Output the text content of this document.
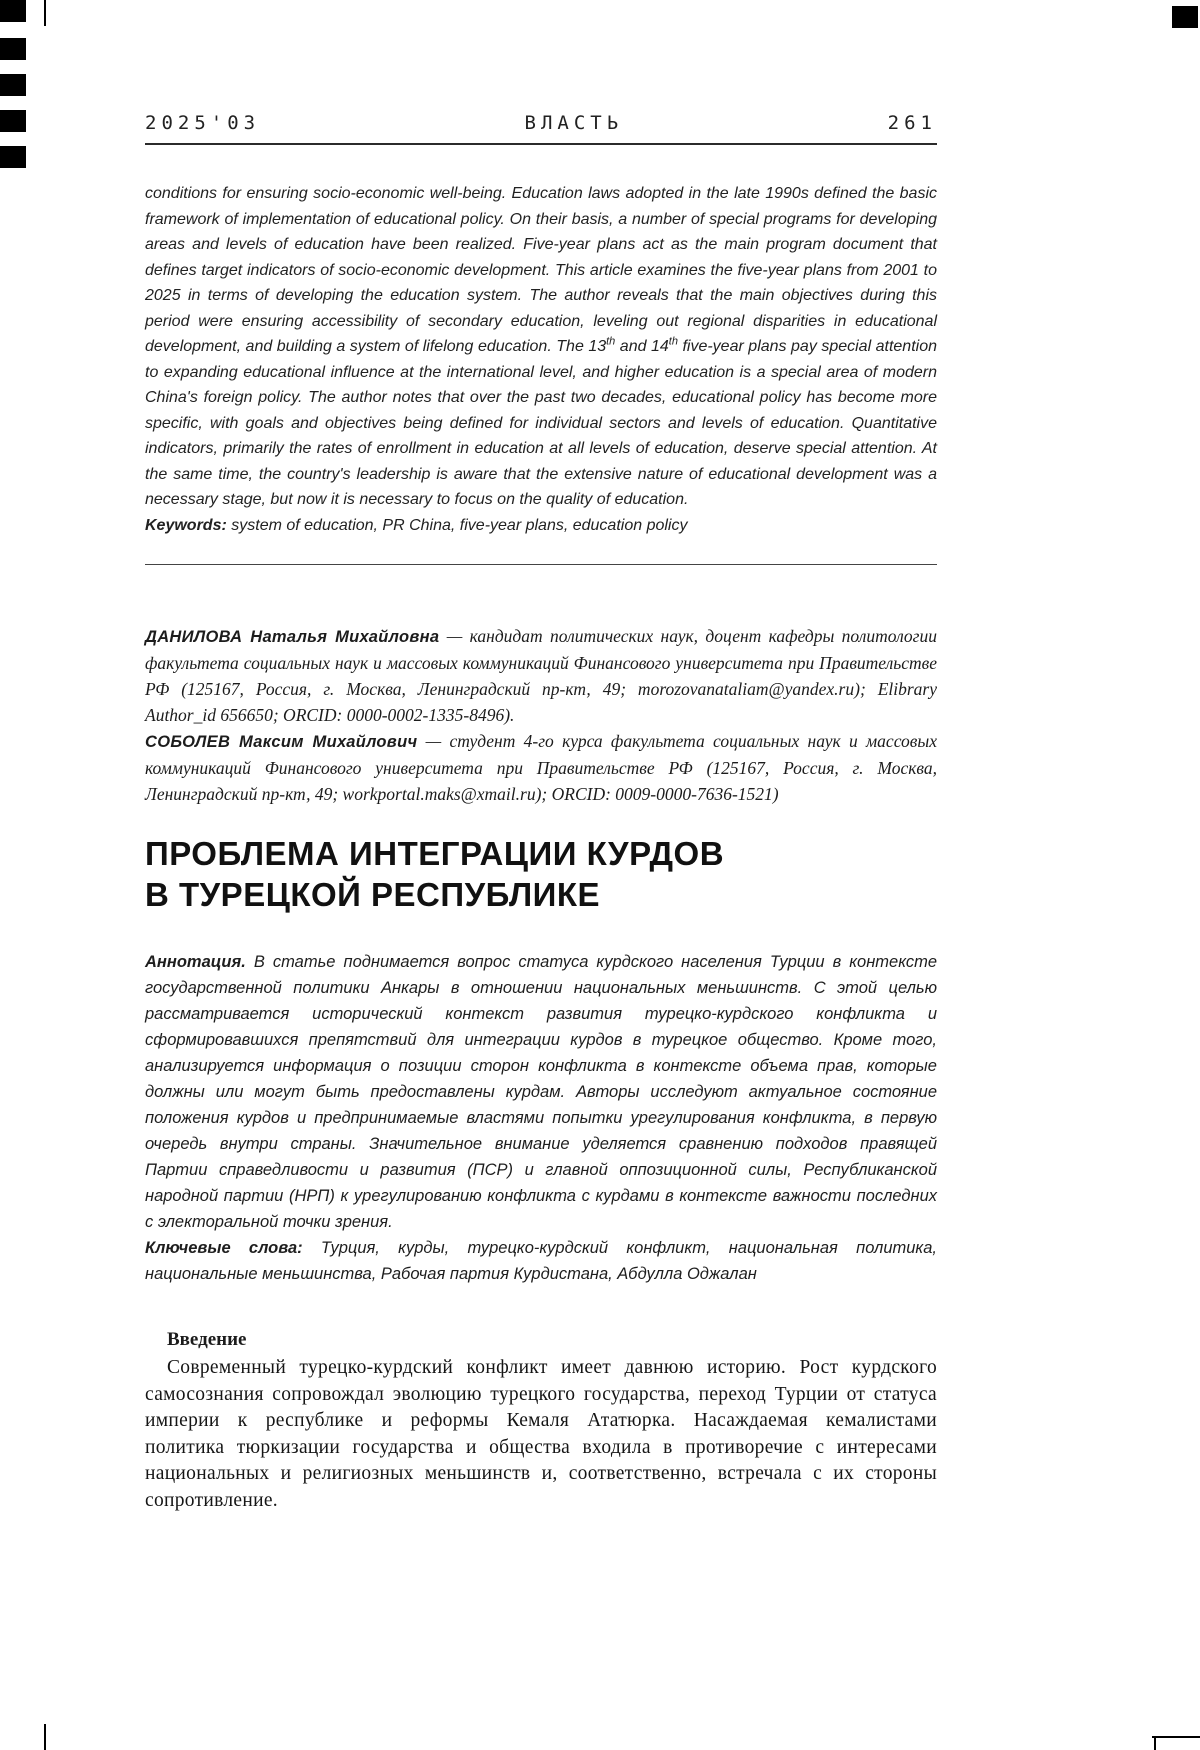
2025'03	ВЛАСТЬ	261
conditions for ensuring socio-economic well-being. Education laws adopted in the late 1990s defined the basic framework of implementation of educational policy. On their basis, a number of special programs for developing areas and levels of education have been realized. Five-year plans act as the main program document that defines target indicators of socio-economic development. This article examines the five-year plans from 2001 to 2025 in terms of developing the education system. The author reveals that the main objectives during this period were ensuring accessibility of secondary education, leveling out regional disparities in educational development, and building a system of lifelong education. The 13th and 14th five-year plans pay special attention to expanding educational influence at the international level, and higher education is a special area of modern China's foreign policy. The author notes that over the past two decades, educational policy has become more specific, with goals and objectives being defined for individual sectors and levels of education. Quantitative indicators, primarily the rates of enrollment in education at all levels of education, deserve special attention. At the same time, the country's leadership is aware that the extensive nature of educational development was a necessary stage, but now it is necessary to focus on the quality of education.
Keywords: system of education, PR China, five-year plans, education policy

ДАНИЛОВА Наталья Михайловна — кандидат политических наук, доцент кафедры политологии факультета социальных наук и массовых коммуникаций Финансового университета при Правительстве РФ (125167, Россия, г. Москва, Ленинградский пр-кт, 49; morozovanataliam@yandex.ru); Elibrary Author_id 656650; ORCID: 0000-0002-1335-8496).

СОБОЛЕВ Максим Михайлович — студент 4-го курса факультета социальных наук и массовых коммуникаций Финансового университета при Правительстве РФ (125167, Россия, г. Москва, Ленинградский пр-кт, 49; workportal.maks@xmail.ru); ORCID: 0009-0000-7636-1521)

ПРОБЛЕМА ИНТЕГРАЦИИ КУРДОВ
В ТУРЕЦКОЙ РЕСПУБЛИКЕ
Аннотация. В статье поднимается вопрос статуса курдского населения Турции в контексте государственной политики Анкары в отношении национальных меньшинств. С этой целью рассматривается исторический контекст развития турецко-курдского конфликта и сформировавшихся препятствий для интеграции курдов в турецкое общество. Кроме того, анализируется информация о позиции сторон конфликта в контексте объема прав, которые должны или могут быть предоставлены курдам. Авторы исследуют актуальное состояние положения курдов и предпринимаемые властями попытки урегулирования конфликта, в первую очередь внутри страны. Значительное внимание уделяется сравнению подходов правящей Партии справедливости и развития (ПСР) и главной оппозиционной силы, Республиканской народной партии (НРП) к урегулированию конфликта с курдами в контексте важности последних с электоральной точки зрения.
Ключевые слова: Турция, курды, турецко-курдский конфликт, национальная политика, национальные меньшинства, Рабочая партия Курдистана, Абдулла Оджалан
Введение

Современный турецко-курдский конфликт имеет давнюю историю. Рост курдского самосознания сопровождал эволюцию турецкого государства, переход Турции от статуса империи к республике и реформы Кемаля Ататюрка. Насаждаемая кемалистами политика тюркизации государства и общества входила в противоречие с интересами национальных и религиозных меньшинств и, соответственно, встречала с их стороны сопротивление.
